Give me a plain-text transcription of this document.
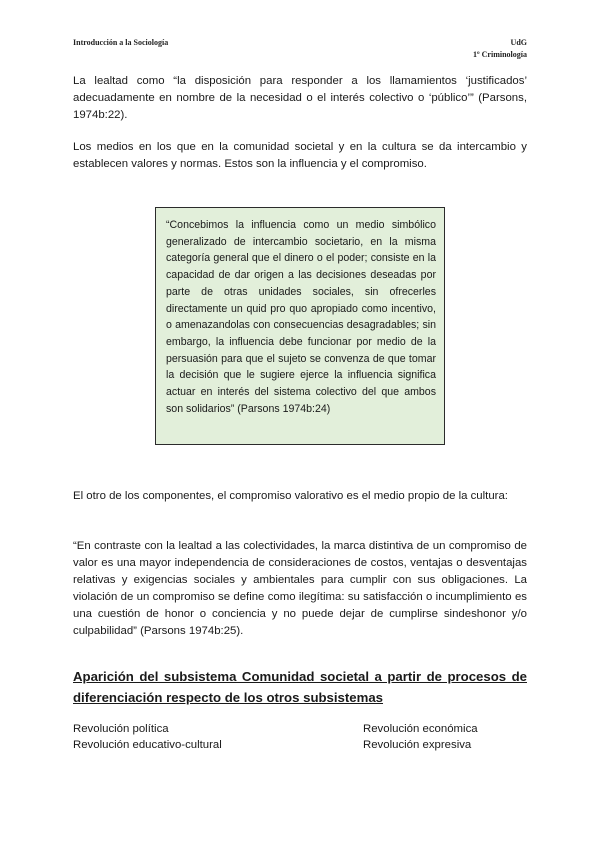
Introducción a la Sociología	UdG
1º Criminología

La lealtad como “la disposición para responder a los llamamientos ‘justificados’ adecuadamente en nombre de la necesidad o el interés colectivo o ‘público’” (Parsons, 1974b:22).

Los medios en los que en la comunidad societal y en la cultura se da intercambio y establecen valores y normas. Estos son la influencia y el compromiso.

“Concebimos la influencia como un medio simbólico generalizado de intercambio societario, en la misma categoría general que el dinero o el poder; consiste en la capacidad de dar origen a las decisiones deseadas por parte de otras unidades sociales, sin ofrecerles directamente un quid pro quo apropiado como incentivo, o amenazandolas con consecuencias desagradables; sin embargo, la influencia debe funcionar por medio de la persuasión para que el sujeto se convenza de que tomar la decisión que le sugiere ejerce la influencia significa actuar en interés del sistema colectivo del que ambos son solidarios” (Parsons 1974b:24)

El otro de los componentes, el compromiso valorativo es el medio propio de la cultura:

“En contraste con la lealtad a las colectividades, la marca distintiva de un compromiso de valor es una mayor independencia de consideraciones de costos, ventajas o desventajas relativas y exigencias sociales y ambientales para cumplir con sus obligaciones. La violación de un compromiso se define como ilegítima: su satisfacción o incumplimiento es una cuestión de honor o conciencia y no puede dejar de cumplirse sindeshonor y/o culpabilidad” (Parsons 1974b:25).

Aparición del subsistema Comunidad societal a partir de procesos de diferenciación respecto de los otros subsistemas

Revolución política	Revolución económica
Revolución educativo-cultural	Revolución expresiva
